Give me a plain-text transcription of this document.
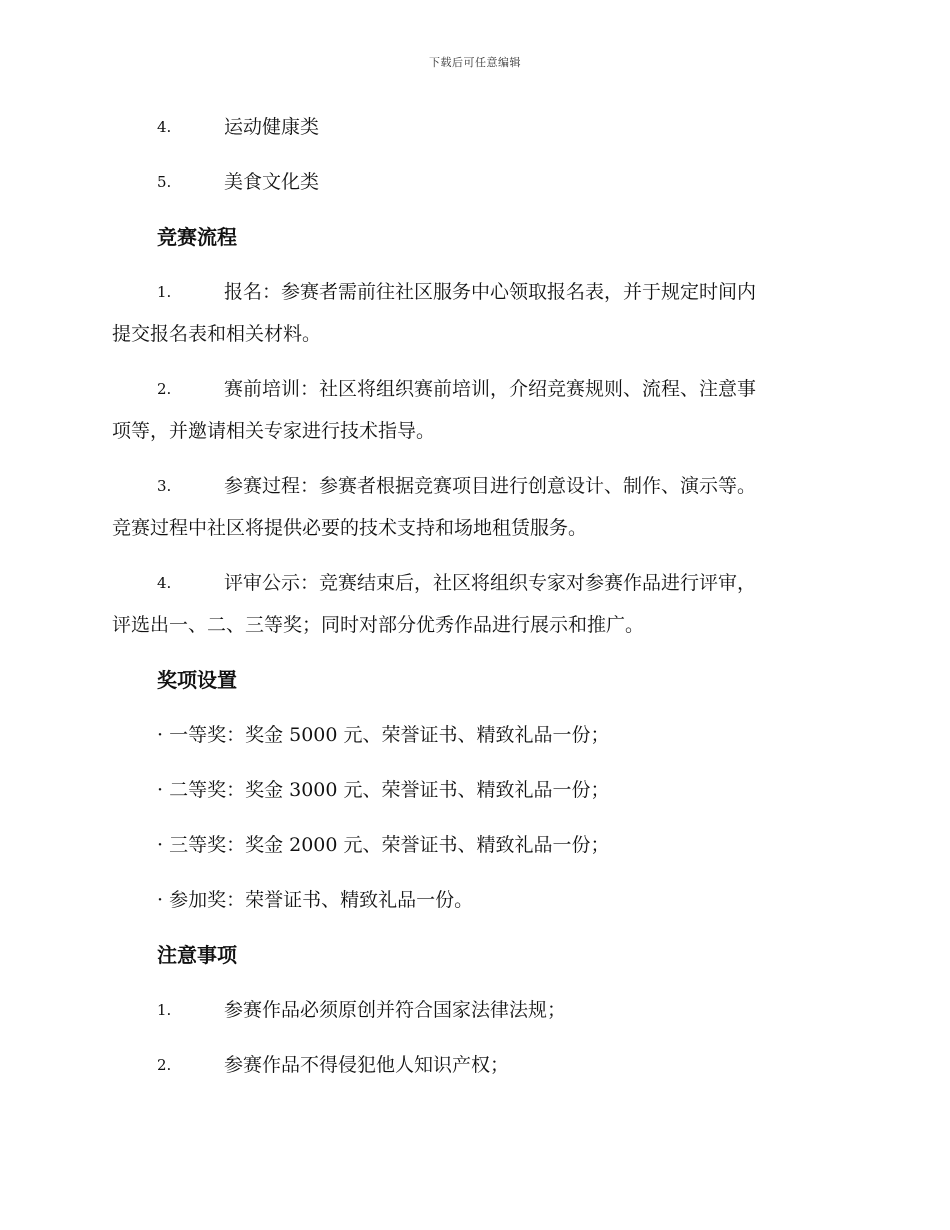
下载后可任意编辑
4.	运动健康类
5.	美食文化类
竞赛流程
1.	报名：参赛者需前往社区服务中心领取报名表，并于规定时间内
提交报名表和相关材料。
2.	赛前培训：社区将组织赛前培训，介绍竞赛规则、流程、注意事
项等，并邀请相关专家进行技术指导。
3.	参赛过程：参赛者根据竞赛项目进行创意设计、制作、演示等。
竞赛过程中社区将提供必要的技术支持和场地租赁服务。
4.	评审公示：竞赛结束后，社区将组织专家对参赛作品进行评审，
评选出一、二、三等奖；同时对部分优秀作品进行展示和推广。
奖项设置
· 一等奖：奖金 5000 元、荣誉证书、精致礼品一份；
· 二等奖：奖金 3000 元、荣誉证书、精致礼品一份；
· 三等奖：奖金 2000 元、荣誉证书、精致礼品一份；
· 参加奖：荣誉证书、精致礼品一份。
注意事项
1.	参赛作品必须原创并符合国家法律法规；
2.	参赛作品不得侵犯他人知识产权；
